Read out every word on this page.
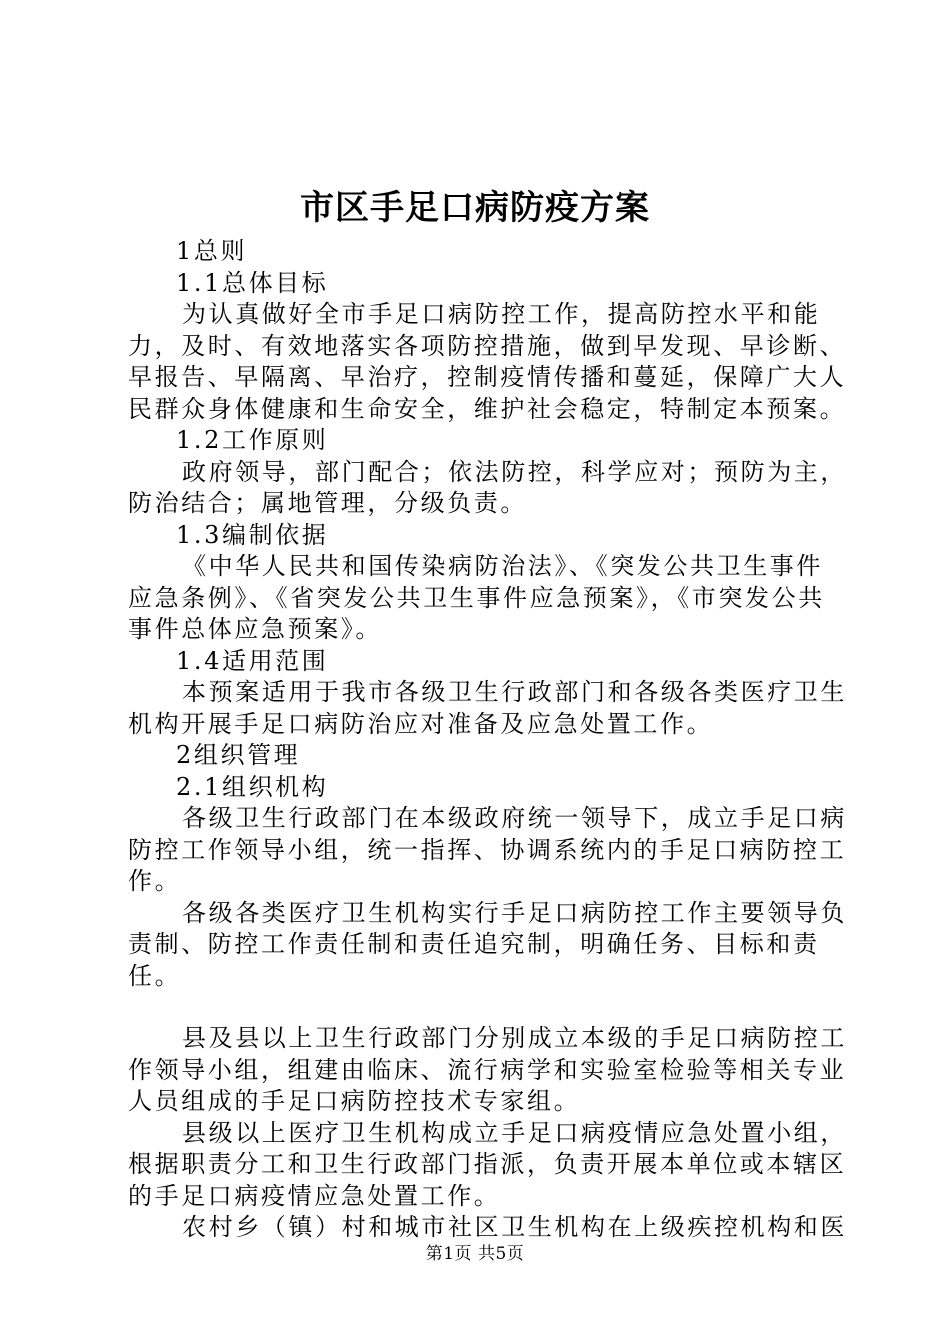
市区手足口病防疫方案

1总则

1.1总体目标

为认真做好全市手足口病防控工作，提高防控水平和能力，及时、有效地落实各项防控措施，做到早发现、早诊断、早报告、早隔离、早治疗，控制疫情传播和蔓延，保障广大人民群众身体健康和生命安全，维护社会稳定，特制定本预案。

1.2工作原则

政府领导，部门配合；依法防控，科学应对；预防为主，防治结合；属地管理，分级负责。

1.3编制依据

《中华人民共和国传染病防治法》、《突发公共卫生事件应急条例》、《省突发公共卫生事件应急预案》，《市突发公共事件总体应急预案》。

1.4适用范围

本预案适用于我市各级卫生行政部门和各级各类医疗卫生机构开展手足口病防治应对准备及应急处置工作。

2组织管理

2.1组织机构

各级卫生行政部门在本级政府统一领导下，成立手足口病防控工作领导小组，统一指挥、协调系统内的手足口病防控工作。

各级各类医疗卫生机构实行手足口病防控工作主要领导负责制、防控工作责任制和责任追究制，明确任务、目标和责任。

县及县以上卫生行政部门分别成立本级的手足口病防控工作领导小组，组建由临床、流行病学和实验室检验等相关专业人员组成的手足口病防控技术专家组。

县级以上医疗卫生机构成立手足口病疫情应急处置小组，根据职责分工和卫生行政部门指派，负责开展本单位或本辖区的手足口病疫情应急处置工作。

农村乡（镇）村和城市社区卫生机构在上级疾控机构和医

第1页 共5页
